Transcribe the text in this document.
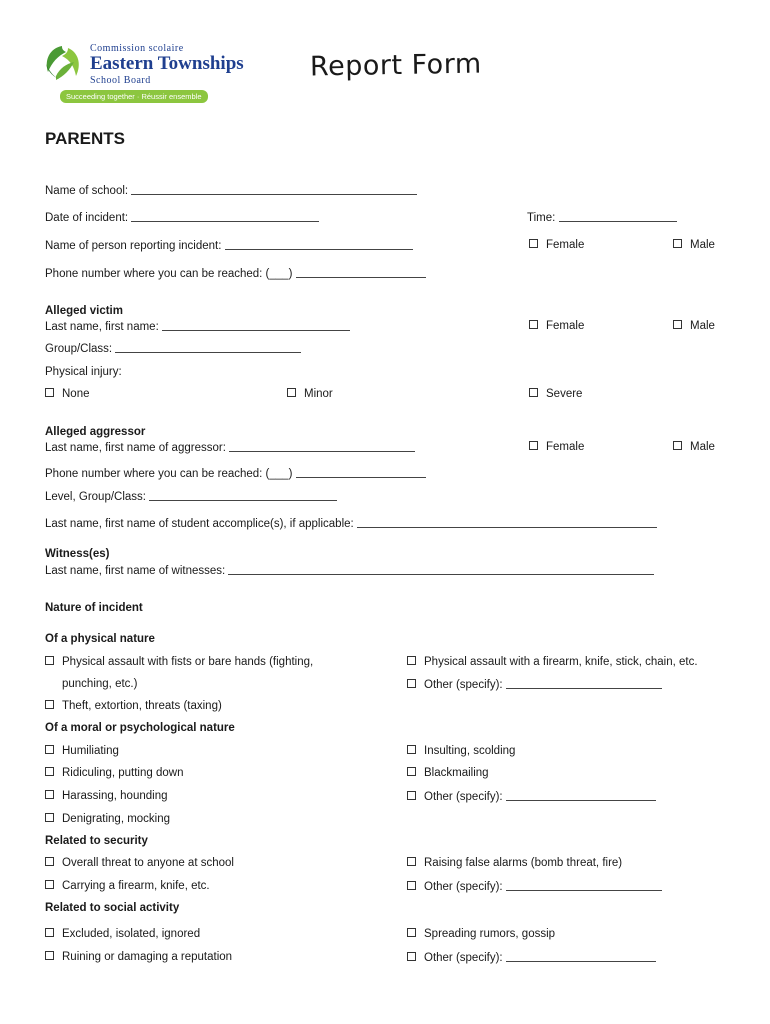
Commission scolaire
Eastern Townships
School Board
Succeeding together · Réussir ensemble
Report Form
PARENTS
Name of school:
Date of incident:	Time:
Name of person reporting incident:	Female	Male
Phone number where you can be reached: (___)
Alleged victim
Last name, first name:	Female	Male
Group/Class:
Physical injury:
None	Minor	Severe
Alleged aggressor
Last name, first name of aggressor:	Female	Male
Phone number where you can be reached: (___)
Level, Group/Class:
Last name, first name of student accomplice(s), if applicable:
Witness(es)
Last name, first name of witnesses:
Nature of incident
Of a physical nature
Physical assault with fists or bare hands (fighting,
punching, etc.)
Theft, extortion, threats (taxing)
Physical assault with a firearm, knife, stick, chain, etc.
Other (specify):
Of a moral or psychological nature
Humiliating
Ridiculing, putting down
Harassing, hounding
Denigrating, mocking
Insulting, scolding
Blackmailing
Other (specify):
Related to security
Overall threat to anyone at school
Carrying a firearm, knife, etc.
Raising false alarms (bomb threat, fire)
Other (specify):
Related to social activity
Excluded, isolated, ignored
Ruining or damaging a reputation
Spreading rumors, gossip
Other (specify):
